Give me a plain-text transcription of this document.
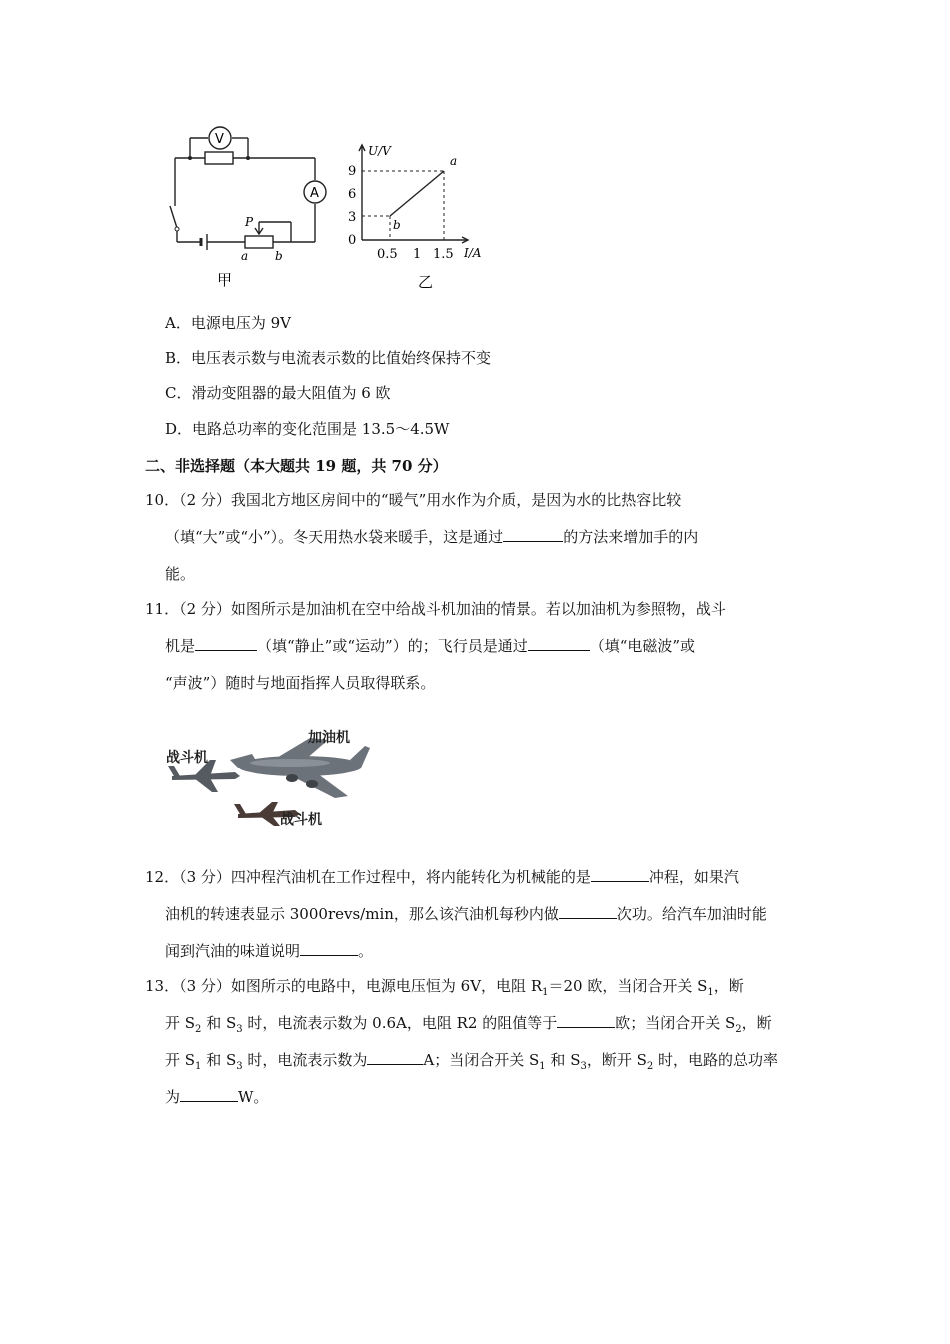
V
A
P
a b
甲
U/V
I/A
a
b
9
6
3
0
0.5 1 1.5
乙
A．电源电压为 9V
B．电压表示数与电流表示数的比值始终保持不变
C．滑动变阻器的最大阻值为 6 欧
D．电路总功率的变化范围是 13.5～4.5W
二、非选择题（本大题共 19 题，共 70 分）
10．（2 分）我国北方地区房间中的“暖气”用水作为介质，是因为水的比热容比较
（填“大”或“小”）。冬天用热水袋来暖手，这是通过	的方法来增加手的内
能。
11．（2 分）如图所示是加油机在空中给战斗机加油的情景。若以加油机为参照物，战斗
机是	（填“静止”或“运动”）的；飞行员是通过	（填“电磁波”或
“声波”）随时与地面指挥人员取得联系。
加油机
战斗机
战斗机
12．（3 分）四冲程汽油机在工作过程中，将内能转化为机械能的是	冲程，如果汽
油机的转速表显示 3000revs/min，那么该汽油机每秒内做	次功。给汽车加油时能
闻到汽油的味道说明	。
13．（3 分）如图所示的电路中，电源电压恒为 6V，电阻 $R_1=20$ 欧，当闭合开关 $S_1$，断
开 $S_2$ 和 $S_3$ 时，电流表示数为 0.6A，电阻 R2 的阻值等于	欧；当闭合开关 $S_2$，断
开 $S_1$ 和 $S_3$ 时，电流表示数为	A；当闭合开关 $S_1$ 和 $S_3$，断开 $S_2$ 时，电路的总功率
为	W。
